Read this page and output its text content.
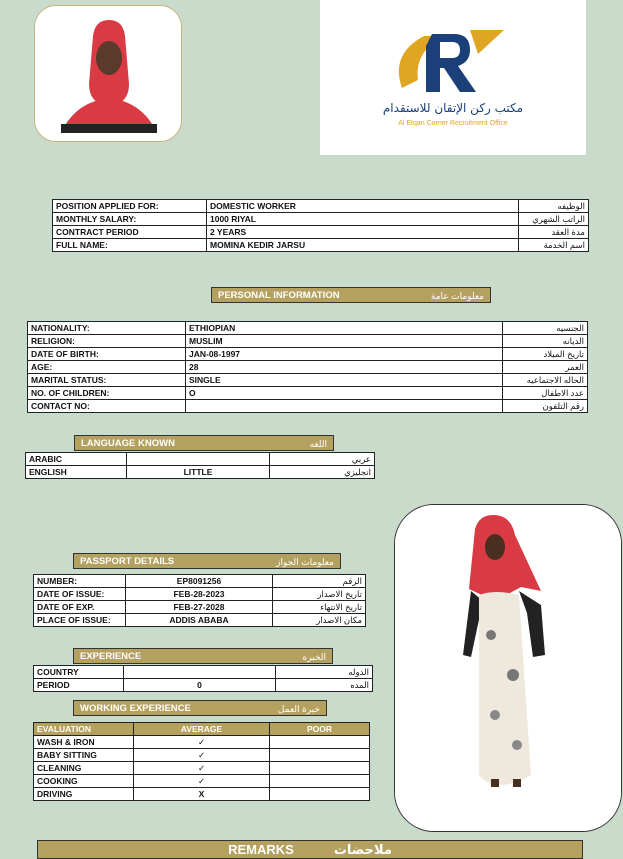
مكتب ركن الإتقان للاستقدام
Al Etqan Corner Recruitment Office
POSITION APPLIED FOR:	DOMESTIC WORKER	الوظيفه
MONTHLY SALARY:	1000 RIYAL	الراتب الشهري
CONTRACT PERIOD	2 YEARS	مدة العقد
FULL NAME:	MOMINA KEDIR JARSU	اسم الخدمة
PERSONAL INFORMATION	معلومات عامة
NATIONALITY:	ETHIOPIAN	الجنسيه
RELIGION:	MUSLIM	الديانه
DATE OF BIRTH:	JAN-08-1997	تاريخ الميلاد
AGE:	28	العمر
MARITAL STATUS:	SINGLE	الحاله الاجتماعيه
NO. OF CHILDREN:	O	عدد الاطفال
CONTACT NO:		رقم التلفون
LANGUAGE KNOWN	اللغه
ARABIC		عربي
ENGLISH	LITTLE	انجليزي
PASSPORT DETAILS	معلومات الجواز
NUMBER:	EP8091256	الرقم
DATE OF ISSUE:	FEB-28-2023	تاريخ الاصدار
DATE OF EXP.	FEB-27-2028	تاريخ الانتهاء
PLACE OF ISSUE:	ADDIS ABABA	مكان الاصدار
EXPERIENCE	الخبره
COUNTRY		الدوله
PERIOD	0	المده
WORKING EXPERIENCE	خبرة العمل
EVALUATION	AVERAGE	POOR
WASH & IRON	✓	
BABY SITTING	✓	
CLEANING	✓	
COOKING	✓	
DRIVING	X	
REMARKS	ملاحضات
